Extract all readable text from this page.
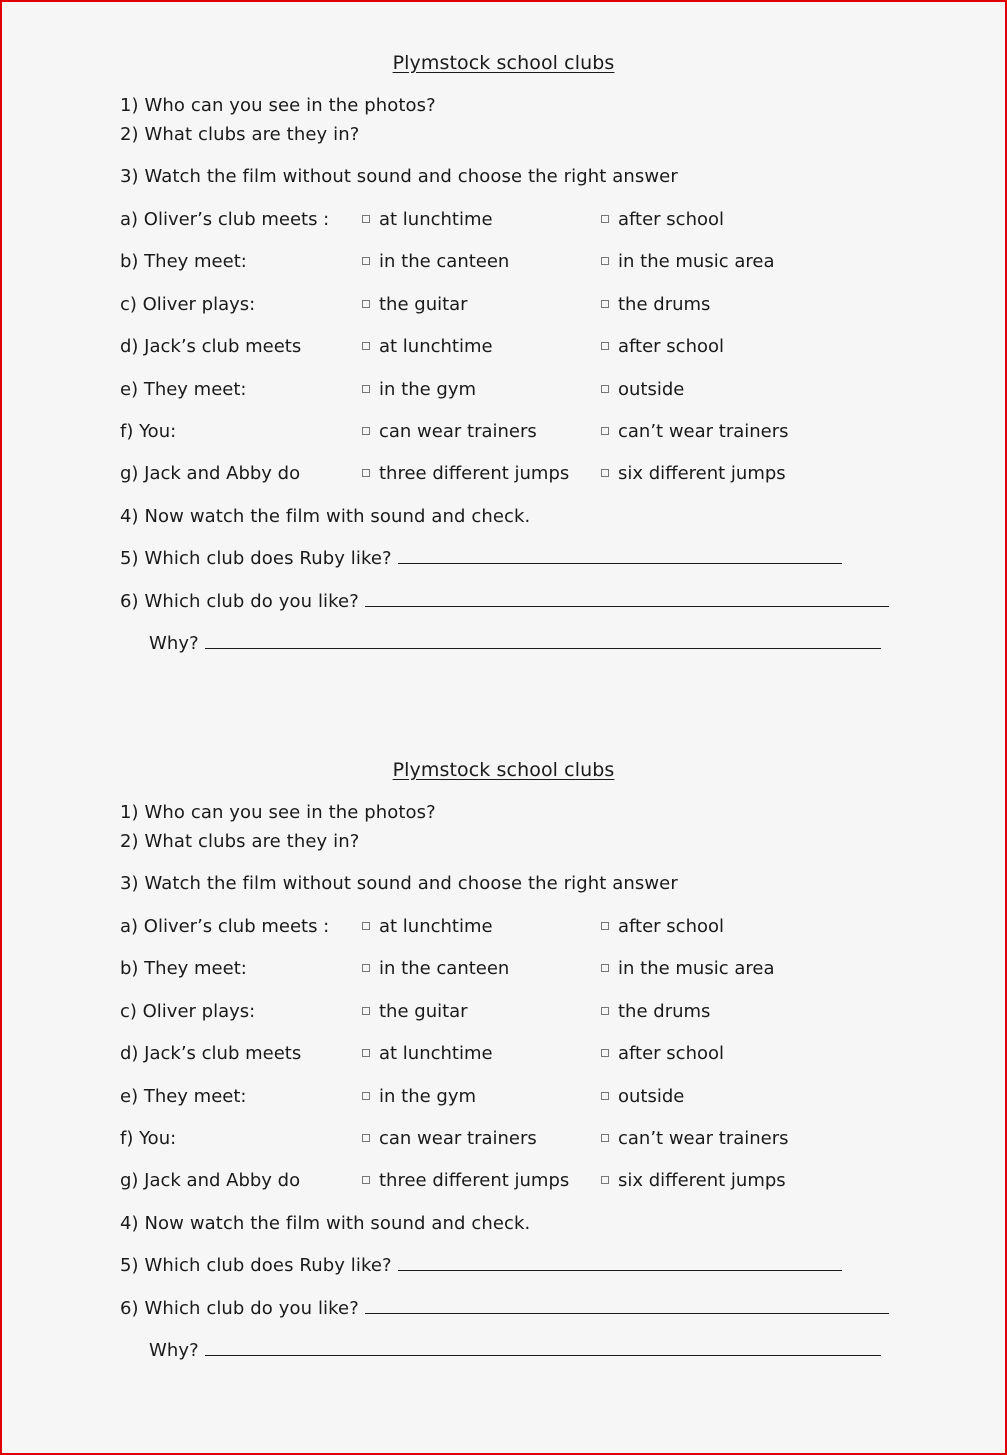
Plymstock school clubs
1) Who can you see in the photos?
2) What clubs are they in?
3) Watch the film without sound and choose the right answer
a) Oliver’s club meets :	at lunchtime	after school
b) They meet:	in the canteen	in the music area
c) Oliver plays:	the guitar	the drums
d) Jack’s club meets	at lunchtime	after school
e) They meet:	in the gym	outside
f) You:	can wear trainers	can’t wear trainers
g) Jack and Abby do	three different jumps	six different jumps
4) Now watch the film with sound and check.
5) Which club does Ruby like?
6) Which club do you like?
Why?
Plymstock school clubs
1) Who can you see in the photos?
2) What clubs are they in?
3) Watch the film without sound and choose the right answer
a) Oliver’s club meets :	at lunchtime	after school
b) They meet:	in the canteen	in the music area
c) Oliver plays:	the guitar	the drums
d) Jack’s club meets	at lunchtime	after school
e) They meet:	in the gym	outside
f) You:	can wear trainers	can’t wear trainers
g) Jack and Abby do	three different jumps	six different jumps
4) Now watch the film with sound and check.
5) Which club does Ruby like?
6) Which club do you like?
Why?
